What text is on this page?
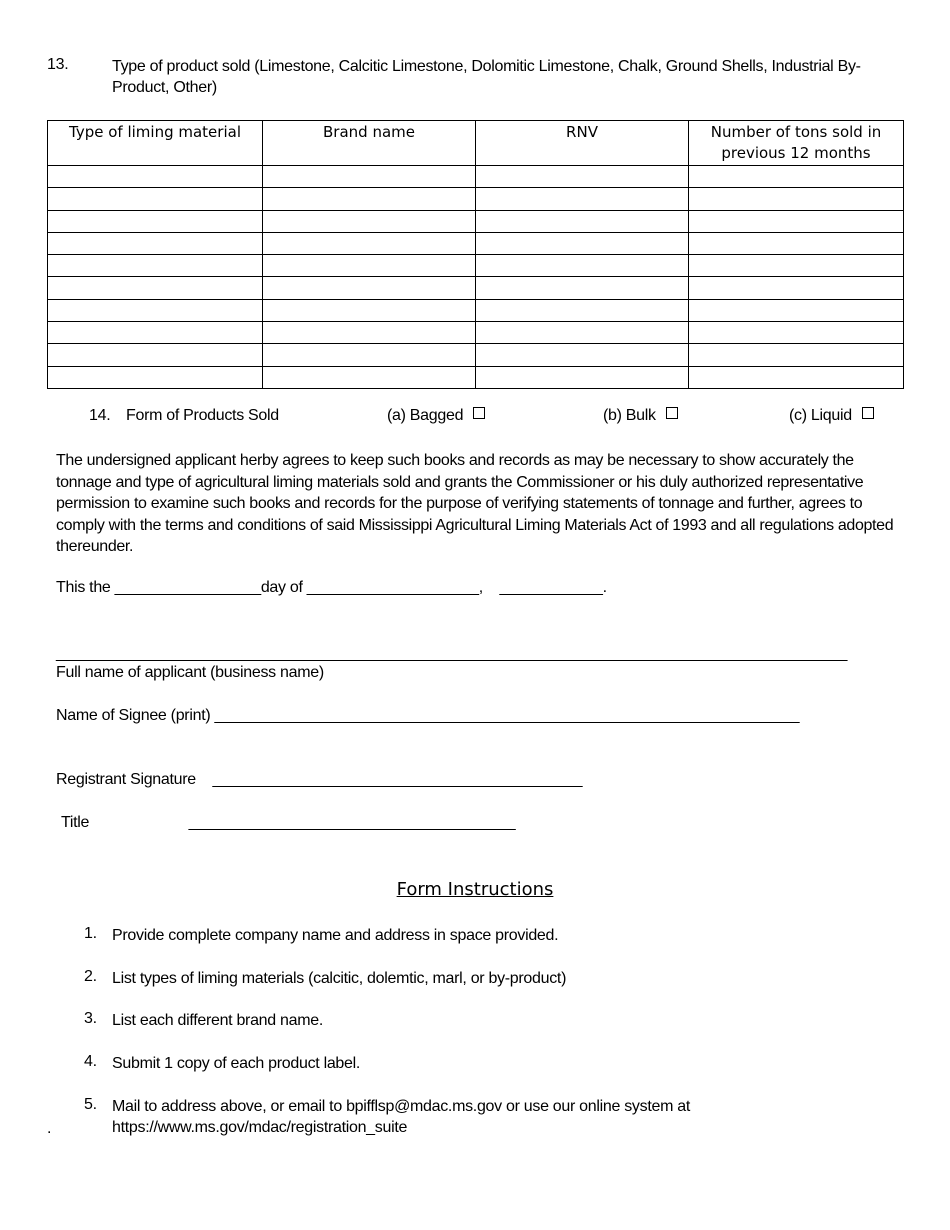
13.	Type of product sold (Limestone, Calcitic Limestone, Dolomitic Limestone, Chalk, Ground Shells, Industrial By- Product, Other)
Type of liming material	Brand name	RNV	Number of tons sold in previous 12 months

14. Form of Products Sold	(a) Bagged	(b) Bulk	(c) Liquid
The undersigned applicant herby agrees to keep such books and records as may be necessary to show accurately the tonnage and type of agricultural liming materials sold and grants the Commissioner or his duly authorized representative permission to examine such books and records for the purpose of verifying statements of tonnage and further, agrees to comply with the terms and conditions of said Mississippi Agricultural Liming Materials Act of 1993 and all regulations adopted thereunder.
This the _________________day of ____________________,    ____________.
____________________________________________________________________________________________
Full name of applicant (business name)
Name of Signee (print) ____________________________________________________________________
Registrant Signature    ___________________________________________
Title                        ______________________________________
Form Instructions
1. Provide complete company name and address in space provided.
2. List types of liming materials (calcitic, dolemtic, marl, or by-product)
3. List each different brand name.
4. Submit 1 copy of each product label.
5. Mail to address above, or email to bpifflsp@mdac.ms.gov or use our online system at https://www.ms.gov/mdac/registration_suite
.
